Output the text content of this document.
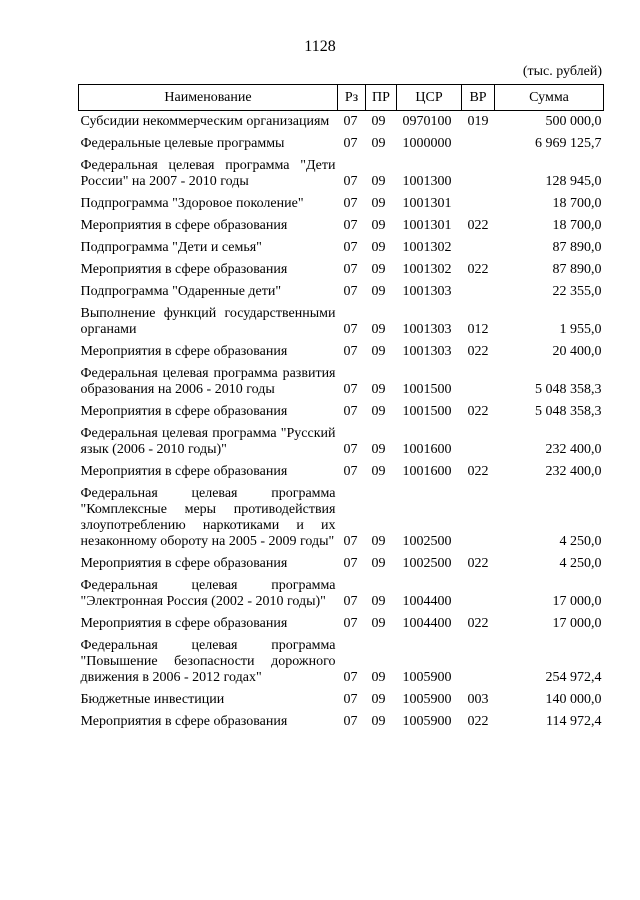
1128
(тыс. рублей)
Наименование	Рз	ПР	ЦСР	ВР	Сумма
Субсидии некоммерческим организациям	07	09	0970100	019	500 000,0
Федеральные целевые программы	07	09	1000000		6 969 125,7
Федеральная целевая программа "Дети России" на 2007 - 2010 годы	07	09	1001300		128 945,0
Подпрограмма "Здоровое поколение"	07	09	1001301		18 700,0
Мероприятия в сфере образования	07	09	1001301	022	18 700,0
Подпрограмма "Дети и семья"	07	09	1001302		87 890,0
Мероприятия в сфере образования	07	09	1001302	022	87 890,0
Подпрограмма "Одаренные дети"	07	09	1001303		22 355,0
Выполнение функций государственными органами	07	09	1001303	012	1 955,0
Мероприятия в сфере образования	07	09	1001303	022	20 400,0
Федеральная целевая программа развития образования на 2006 - 2010 годы	07	09	1001500		5 048 358,3
Мероприятия в сфере образования	07	09	1001500	022	5 048 358,3
Федеральная целевая программа "Русский язык (2006 - 2010 годы)"	07	09	1001600		232 400,0
Мероприятия в сфере образования	07	09	1001600	022	232 400,0
Федеральная целевая программа "Комплексные меры противодействия злоупотреблению наркотиками и их незаконному обороту на 2005 - 2009 годы"	07	09	1002500		4 250,0
Мероприятия в сфере образования	07	09	1002500	022	4 250,0
Федеральная целевая программа "Электронная Россия (2002 - 2010 годы)"	07	09	1004400		17 000,0
Мероприятия в сфере образования	07	09	1004400	022	17 000,0
Федеральная целевая программа "Повышение безопасности дорожного движения в 2006 - 2012 годах"	07	09	1005900		254 972,4
Бюджетные инвестиции	07	09	1005900	003	140 000,0
Мероприятия в сфере образования	07	09	1005900	022	114 972,4
